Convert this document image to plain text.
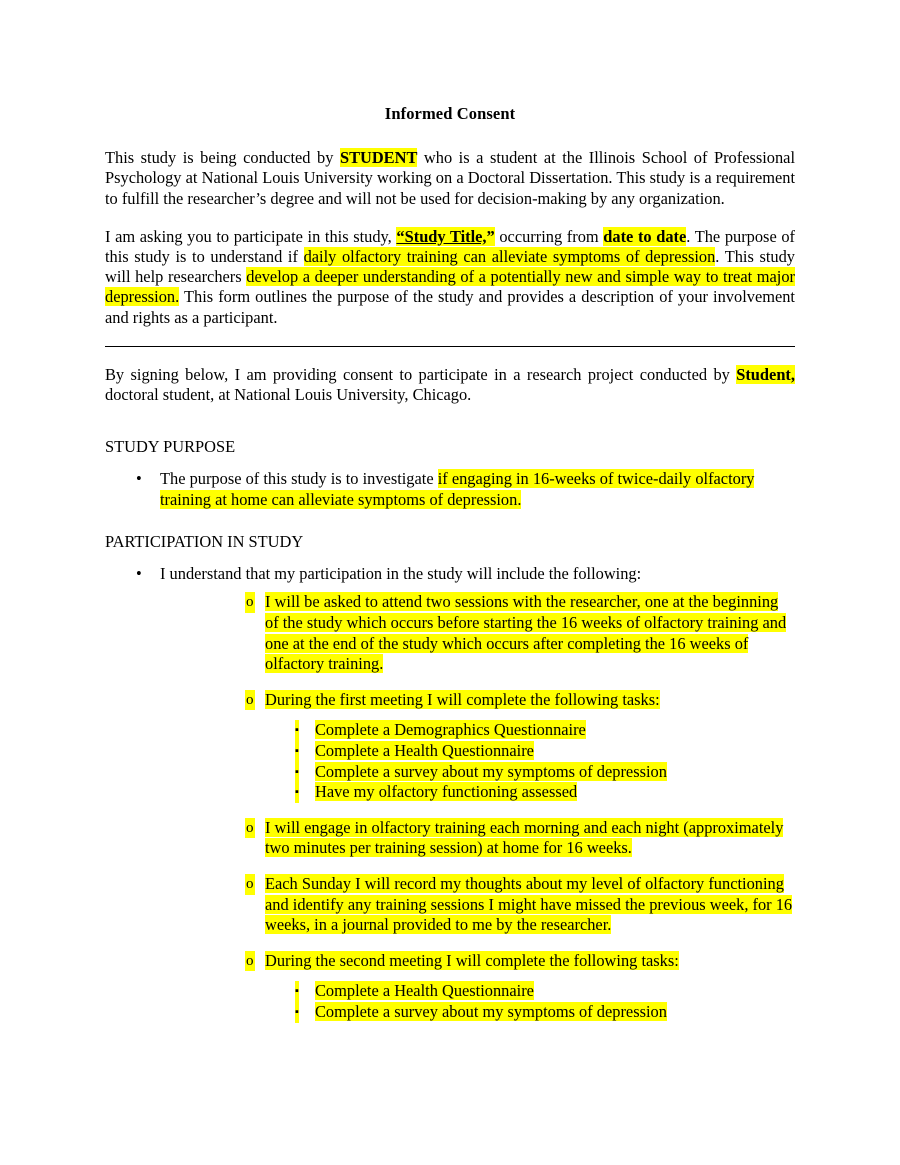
Informed Consent

This study is being conducted by STUDENT who is a student at the Illinois School of Professional Psychology at National Louis University working on a Doctoral Dissertation. This study is a requirement to fulfill the researcher’s degree and will not be used for decision-making by any organization.

I am asking you to participate in this study, “Study Title,” occurring from date to date. The purpose of this study is to understand if daily olfactory training can alleviate symptoms of depression. This study will help researchers develop a deeper understanding of a potentially new and simple way to treat major depression. This form outlines the purpose of the study and provides a description of your involvement and rights as a participant.

By signing below, I am providing consent to participate in a research project conducted by Student, doctoral student, at National Louis University, Chicago.

STUDY PURPOSE
• The purpose of this study is to investigate if engaging in 16-weeks of twice-daily olfactory training at home can alleviate symptoms of depression.
PARTICIPATION IN STUDY
• I understand that my participation in the study will include the following:
o I will be asked to attend two sessions with the researcher, one at the beginning of the study which occurs before starting the 16 weeks of olfactory training and one at the end of the study which occurs after completing the 16 weeks of olfactory training.
o During the first meeting I will complete the following tasks:
▪ Complete a Demographics Questionnaire
▪ Complete a Health Questionnaire
▪ Complete a survey about my symptoms of depression
▪ Have my olfactory functioning assessed
o I will engage in olfactory training each morning and each night (approximately two minutes per training session) at home for 16 weeks.
o Each Sunday I will record my thoughts about my level of olfactory functioning and identify any training sessions I might have missed the previous week, for 16 weeks, in a journal provided to me by the researcher.
o During the second meeting I will complete the following tasks:
▪ Complete a Health Questionnaire
▪ Complete a survey about my symptoms of depression
